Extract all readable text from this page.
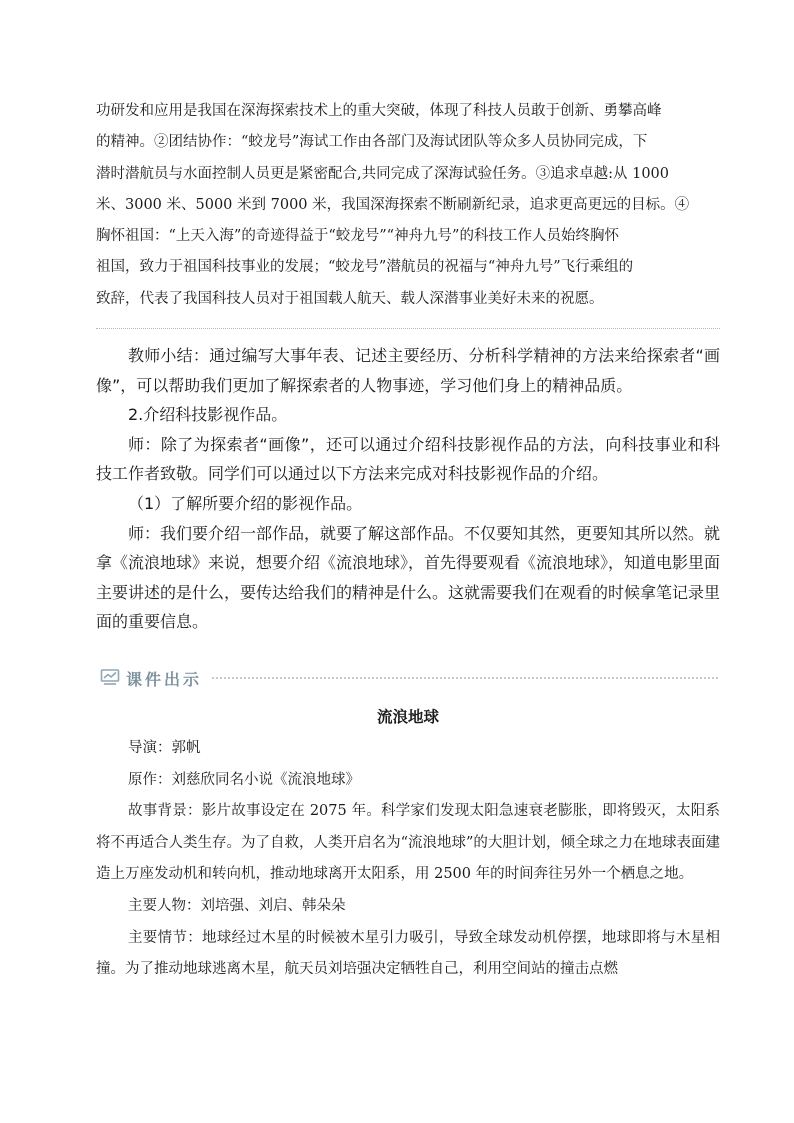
功研发和应用是我国在深海探索技术上的重大突破，体现了科技人员敢于创新、勇攀高峰

的精神。②团结协作：“蛟龙号”海试工作由各部门及海试团队等众多人员协同完成，下

潜时潜航员与水面控制人员更是紧密配合,共同完成了深海试验任务。③追求卓越:从 1000

米、3000 米、5000 米到 7000 米，我国深海探索不断刷新纪录，追求更高更远的目标。④

胸怀祖国：“上天入海”的奇迹得益于“蛟龙号”“神舟九号”的科技工作人员始终胸怀

祖国，致力于祖国科技事业的发展；“蛟龙号”潜航员的祝福与“神舟九号”飞行乘组的

致辞，代表了我国科技人员对于祖国载人航天、载人深潜事业美好未来的祝愿。

教师小结：通过编写大事年表、记述主要经历、分析科学精神的方法来给探索者“画像”，可以帮助我们更加了解探索者的人物事迹，学习他们身上的精神品质。

2.介绍科技影视作品。

师：除了为探索者“画像”，还可以通过介绍科技影视作品的方法，向科技事业和科技工作者致敬。同学们可以通过以下方法来完成对科技影视作品的介绍。

（1）了解所要介绍的影视作品。

师：我们要介绍一部作品，就要了解这部作品。不仅要知其然，更要知其所以然。就拿《流浪地球》来说，想要介绍《流浪地球》，首先得要观看《流浪地球》，知道电影里面主要讲述的是什么，要传达给我们的精神是什么。这就需要我们在观看的时候拿笔记录里面的重要信息。

课件出示
流浪地球

导演：郭帆

原作：刘慈欣同名小说《流浪地球》

故事背景：影片故事设定在 2075 年。科学家们发现太阳急速衰老膨胀，即将毁灭，太阳系将不再适合人类生存。为了自救，人类开启名为“流浪地球”的大胆计划，倾全球之力在地球表面建造上万座发动机和转向机，推动地球离开太阳系，用 2500 年的时间奔往另外一个栖息之地。

主要人物：刘培强、刘启、韩朵朵

主要情节：地球经过木星的时候被木星引力吸引，导致全球发动机停摆，地球即将与木星相撞。为了推动地球逃离木星，航天员刘培强决定牺牲自己，利用空间站的撞击点燃
